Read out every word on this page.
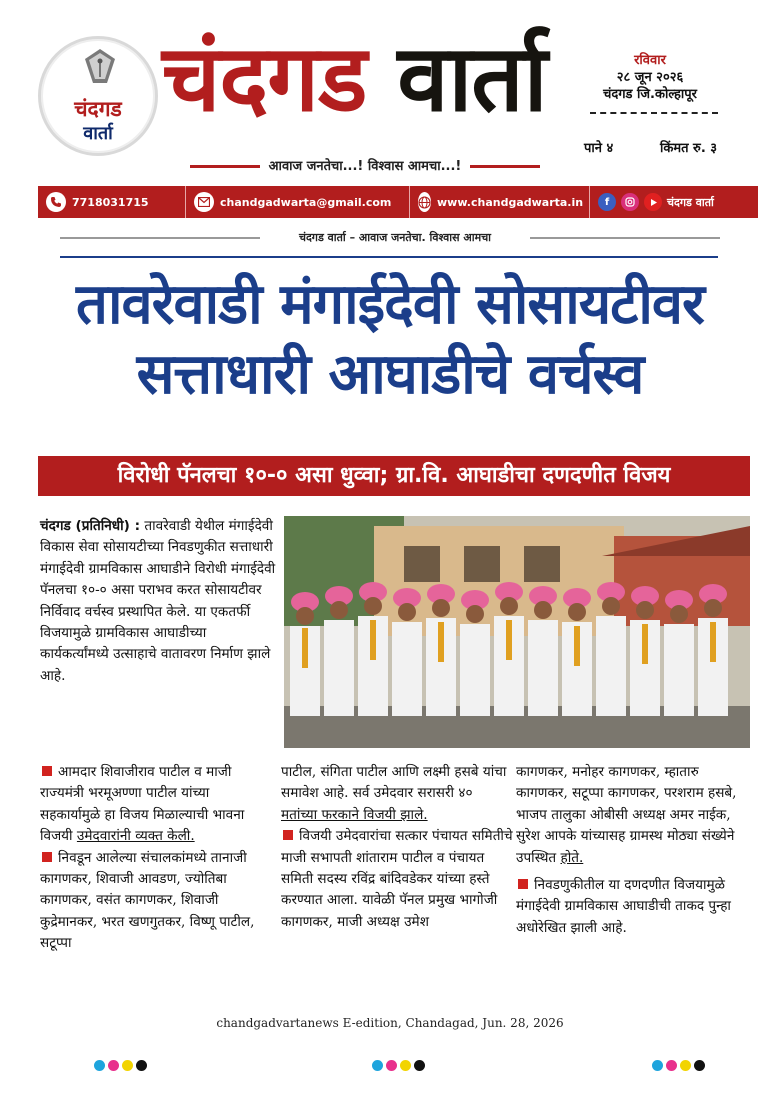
चंदगड
वार्ता
चंदगड वार्ता
आवाज जनतेचा...! विश्वास आमचा...!
रविवार
२८ जून २०२६
चंदगड जि.कोल्हापूर
पाने ४	किंमत रु. ३
7718031715	chandgadwarta@gmail.com	www.chandgadwarta.in	f	चंदगड वार्ता
चंदगड वार्ता – आवाज जनतेचा. विश्वास आमचा
तावरेवाडी मंगाईदेवी सोसायटीवर
सत्ताधारी आघाडीचे वर्चस्व
विरोधी पॅनलचा १०-० असा धुव्वा; ग्रा.वि. आघाडीचा दणदणीत विजय
चंदगड (प्रतिनिधी) : तावरेवाडी येथील मंगाईदेवी विकास सेवा सोसायटीच्या निवडणुकीत सत्ताधारी मंगाईदेवी ग्रामविकास आघाडीने विरोधी मंगाईदेवी पॅनलचा १०-० असा पराभव करत सोसायटीवर निर्विवाद वर्चस्व प्रस्थापित केले. या एकतर्फी विजयामुळे ग्रामविकास आघाडीच्या कार्यकर्त्यांमध्ये उत्साहाचे वातावरण निर्माण झाले आहे.

आमदार शिवाजीराव पाटील व माजी राज्यमंत्री भरमूअण्णा पाटील यांच्या सहकार्यामुळे हा विजय मिळाल्याची भावना विजयी उमेदवारांनी व्यक्त केली.

निवडून आलेल्या संचालकांमध्ये तानाजी कागणकर, शिवाजी आवडण, ज्योतिबा कागणकर, वसंत कागणकर, शिवाजी कुद्रेमानकर, भरत खणगुतकर, विष्णू पाटील, सटूप्पा

पाटील, संगिता पाटील आणि लक्ष्मी हसबे यांचा समावेश आहे. सर्व उमेदवार सरासरी ४० मतांच्या फरकाने विजयी झाले.

विजयी उमेदवारांचा सत्कार पंचायत समितीचे माजी सभापती शांताराम पाटील व पंचायत समिती सदस्य रविंद्र बांदिवडेकर यांच्या हस्ते करण्यात आला. यावेळी पॅनल प्रमुख भागोजी कागणकर, माजी अध्यक्ष उमेश

कागणकर, मनोहर कागणकर, म्हातारु कागणकर, सटूप्पा कागणकर, परशराम हसबे, भाजप तालुका ओबीसी अध्यक्ष अमर नाईक, सुरेश आपके यांच्यासह ग्रामस्थ मोठ्या संख्येने उपस्थित होते.

निवडणुकीतील या दणदणीत विजयामुळे मंगाईदेवी ग्रामविकास आघाडीची ताकद पुन्हा अधोरेखित झाली आहे.

chandgadvartanews E-edition, Chandagad, Jun. 28, 2026
